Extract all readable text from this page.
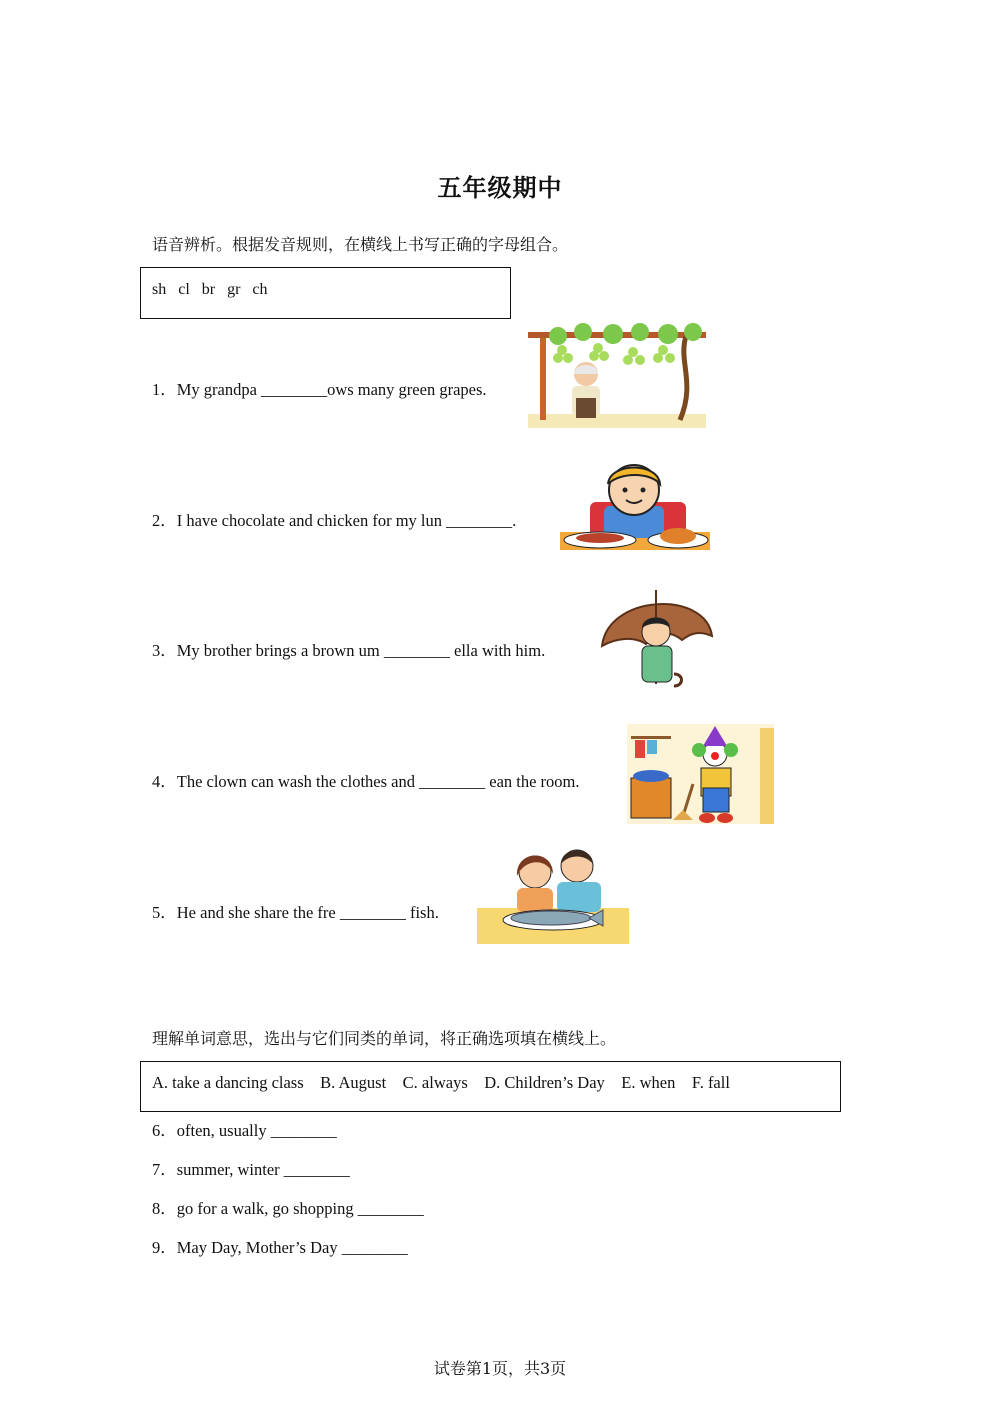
五年级期中
语音辨析。根据发音规则，在横线上书写正确的字母组合。
sh   cl   br   gr   ch
1．My grandpa ________ows many green grapes.
2．I have chocolate and chicken for my lun ________.
3．My brother brings a brown um ________ ella with him.
4．The clown can wash the clothes and ________ ean the room.
5．He and she share the fre ________ fish.
理解单词意思，选出与它们同类的单词，将正确选项填在横线上。
A. take a dancing class    B. August    C. always    D. Children’s Day    E. when    F. fall
6．often, usually ________
7．summer, winter ________
8．go for a walk, go shopping ________
9．May Day, Mother’s Day ________
试卷第1页，共3页
